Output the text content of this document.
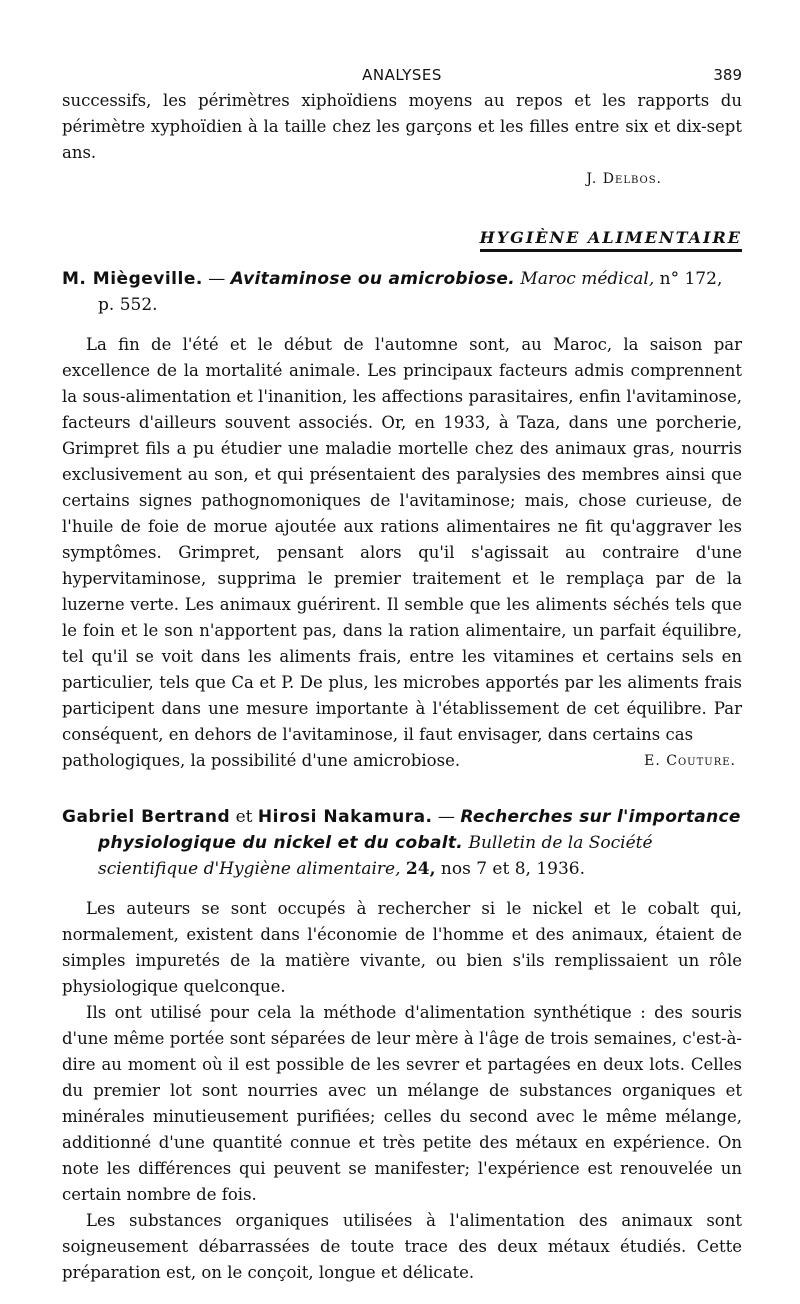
ANALYSES	389

successifs, les périmètres xiphoïdiens moyens au repos et les rapports du périmètre xyphoïdien à la taille chez les garçons et les filles entre six et dix-sept ans.

J. Delbos.
HYGIÈNE ALIMENTAIRE

M. Miègeville. — Avitaminose ou amicrobiose. Maroc médical, n° 172, p. 552.

La fin de l'été et le début de l'automne sont, au Maroc, la saison par excellence de la mortalité animale. Les principaux facteurs admis comprennent la sous-alimentation et l'inanition, les affections parasitaires, enfin l'avitaminose, facteurs d'ailleurs souvent associés. Or, en 1933, à Taza, dans une porcherie, Grimpret fils a pu étudier une maladie mortelle chez des animaux gras, nourris exclusivement au son, et qui présentaient des paralysies des membres ainsi que certains signes pathognomoniques de l'avitaminose; mais, chose curieuse, de l'huile de foie de morue ajoutée aux rations alimentaires ne fit qu'aggraver les symptômes. Grimpret, pensant alors qu'il s'agissait au contraire d'une hypervitaminose, supprima le premier traitement et le remplaça par de la luzerne verte. Les animaux guérirent. Il semble que les aliments séchés tels que le foin et le son n'apportent pas, dans la ration alimentaire, un parfait équilibre, tel qu'il se voit dans les aliments frais, entre les vitamines et certains sels en particulier, tels que Ca et P. De plus, les microbes apportés par les aliments frais participent dans une mesure importante à l'établissement de cet équilibre. Par conséquent, en dehors de l'avitaminose, il faut envisager, dans certains cas

pathologiques, la possibilité d'une amicrobiose.	E. Couture.

Gabriel Bertrand et Hirosi Nakamura. — Recherches sur l'importance physiologique du nickel et du cobalt. Bulletin de la Société scientifique d'Hygiène alimentaire, 24, nos 7 et 8, 1936.

Les auteurs se sont occupés à rechercher si le nickel et le cobalt qui, normalement, existent dans l'économie de l'homme et des animaux, étaient de simples impuretés de la matière vivante, ou bien s'ils remplissaient un rôle physiologique quelconque.

Ils ont utilisé pour cela la méthode d'alimentation synthétique : des souris d'une même portée sont séparées de leur mère à l'âge de trois semaines, c'est-à-dire au moment où il est possible de les sevrer et partagées en deux lots. Celles du premier lot sont nourries avec un mélange de substances organiques et minérales minutieusement purifiées; celles du second avec le même mélange, additionné d'une quantité connue et très petite des métaux en expérience. On note les différences qui peuvent se manifester; l'expérience est renouvelée un certain nombre de fois.

Les substances organiques utilisées à l'alimentation des animaux sont soigneusement débarrassées de toute trace des deux métaux étudiés. Cette préparation est, on le conçoit, longue et délicate.
